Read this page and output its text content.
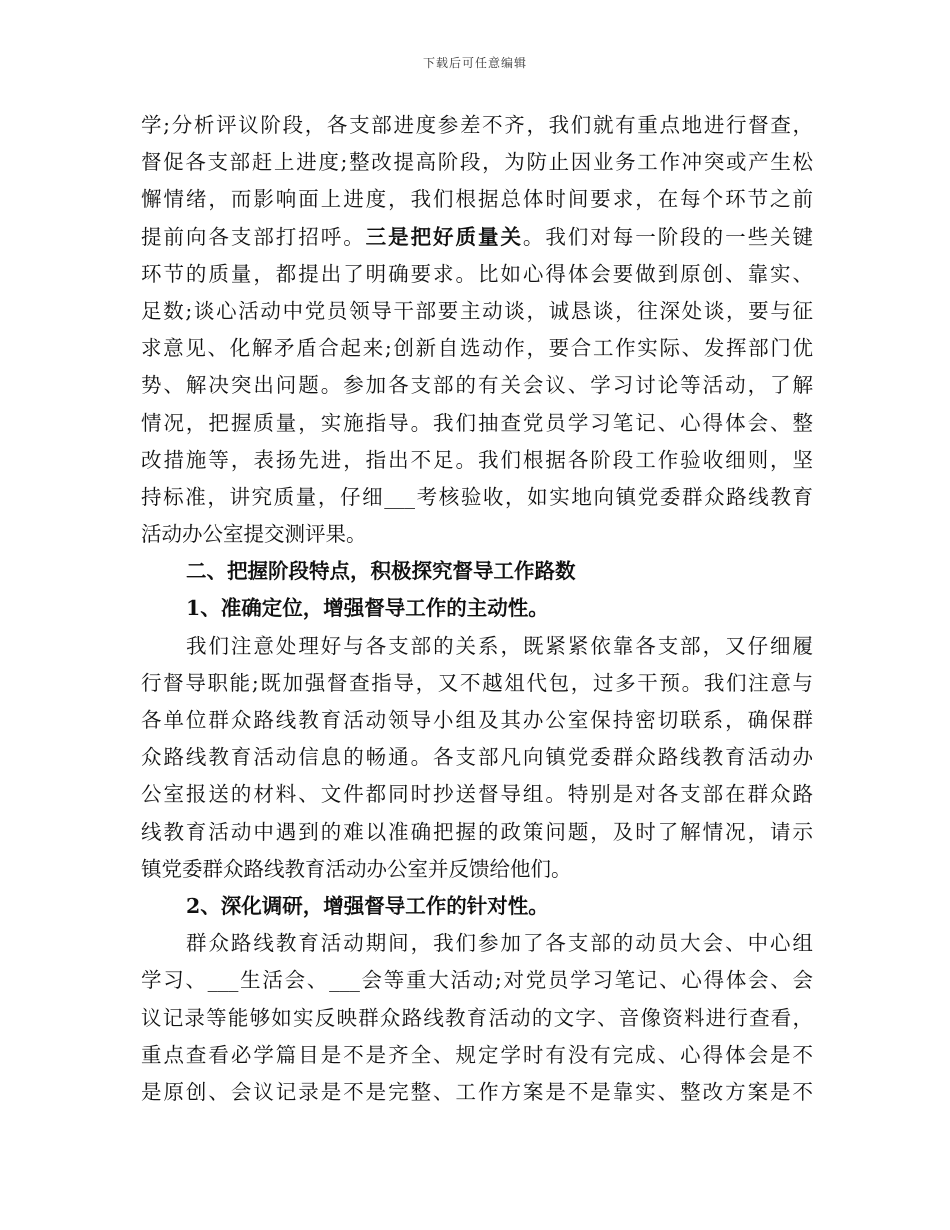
下载后可任意编辑
学;分析评议阶段，各支部进度参差不齐，我们就有重点地进行督查，
督促各支部赶上进度;整改提高阶段，为防止因业务工作冲突或产生松
懈情绪，而影响面上进度，我们根据总体时间要求，在每个环节之前
提前向各支部打招呼。三是把好质量关。我们对每一阶段的一些关键
环节的质量，都提出了明确要求。比如心得体会要做到原创、靠实、
足数;谈心活动中党员领导干部要主动谈，诚恳谈，往深处谈，要与征
求意见、化解矛盾合起来;创新自选动作，要合工作实际、发挥部门优
势、解决突出问题。参加各支部的有关会议、学习讨论等活动，了解
情况，把握质量，实施指导。我们抽查党员学习笔记、心得体会、整
改措施等，表扬先进，指出不足。我们根据各阶段工作验收细则，坚
持标准，讲究质量，仔细___考核验收，如实地向镇党委群众路线教育
活动办公室提交测评果。
二、把握阶段特点，积极探究督导工作路数
1、准确定位，增强督导工作的主动性。
我们注意处理好与各支部的关系，既紧紧依靠各支部，又仔细履
行督导职能;既加强督查指导，又不越俎代包，过多干预。我们注意与
各单位群众路线教育活动领导小组及其办公室保持密切联系，确保群
众路线教育活动信息的畅通。各支部凡向镇党委群众路线教育活动办
公室报送的材料、文件都同时抄送督导组。特别是对各支部在群众路
线教育活动中遇到的难以准确把握的政策问题，及时了解情况，请示
镇党委群众路线教育活动办公室并反馈给他们。
2、深化调研，增强督导工作的针对性。
群众路线教育活动期间，我们参加了各支部的动员大会、中心组
学习、___生活会、___会等重大活动;对党员学习笔记、心得体会、会
议记录等能够如实反映群众路线教育活动的文字、音像资料进行查看，
重点查看必学篇目是不是齐全、规定学时有没有完成、心得体会是不
是原创、会议记录是不是完整、工作方案是不是靠实、整改方案是不
